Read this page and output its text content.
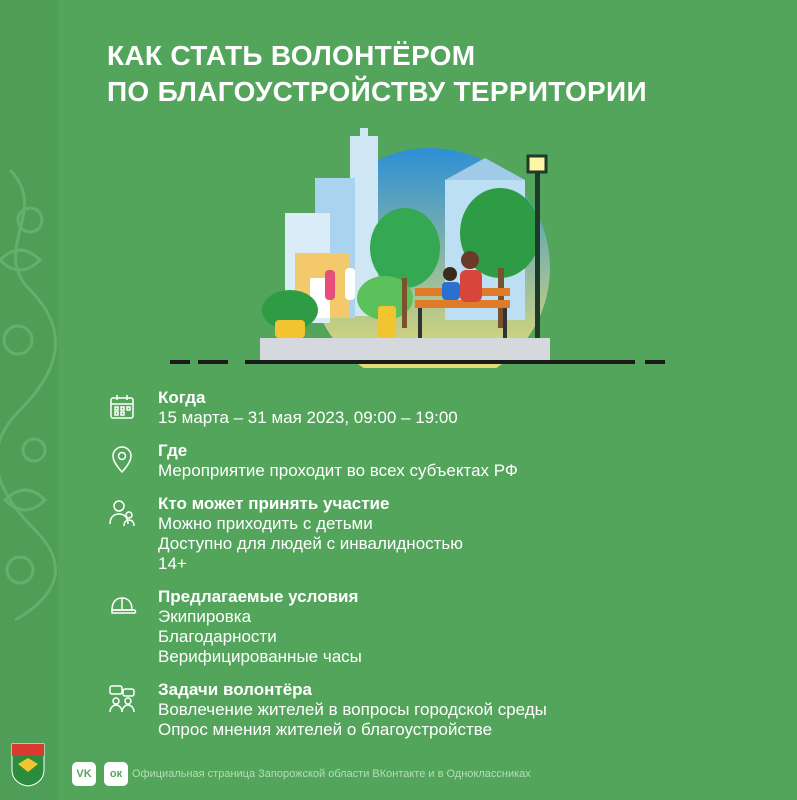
КАК СТАТЬ ВОЛОНТЁРОМ
ПО БЛАГОУСТРОЙСТВУ ТЕРРИТОРИИ
Когда
15 марта – 31 мая 2023, 09:00 – 19:00
Где
Мероприятие проходит во всех субъектах РФ
Кто может принять участие
Можно приходить с детьми
Доступно для людей с инвалидностью
14+
Предлагаемые условия
Экипировка
Благодарности
Верифицированные часы
Задачи волонтёра
Вовлечение жителей в вопросы городской среды
Опрос мнения жителей о благоустройстве
VK	ок Официальная страница Запорожской области ВКонтакте и в Одноклассниках
